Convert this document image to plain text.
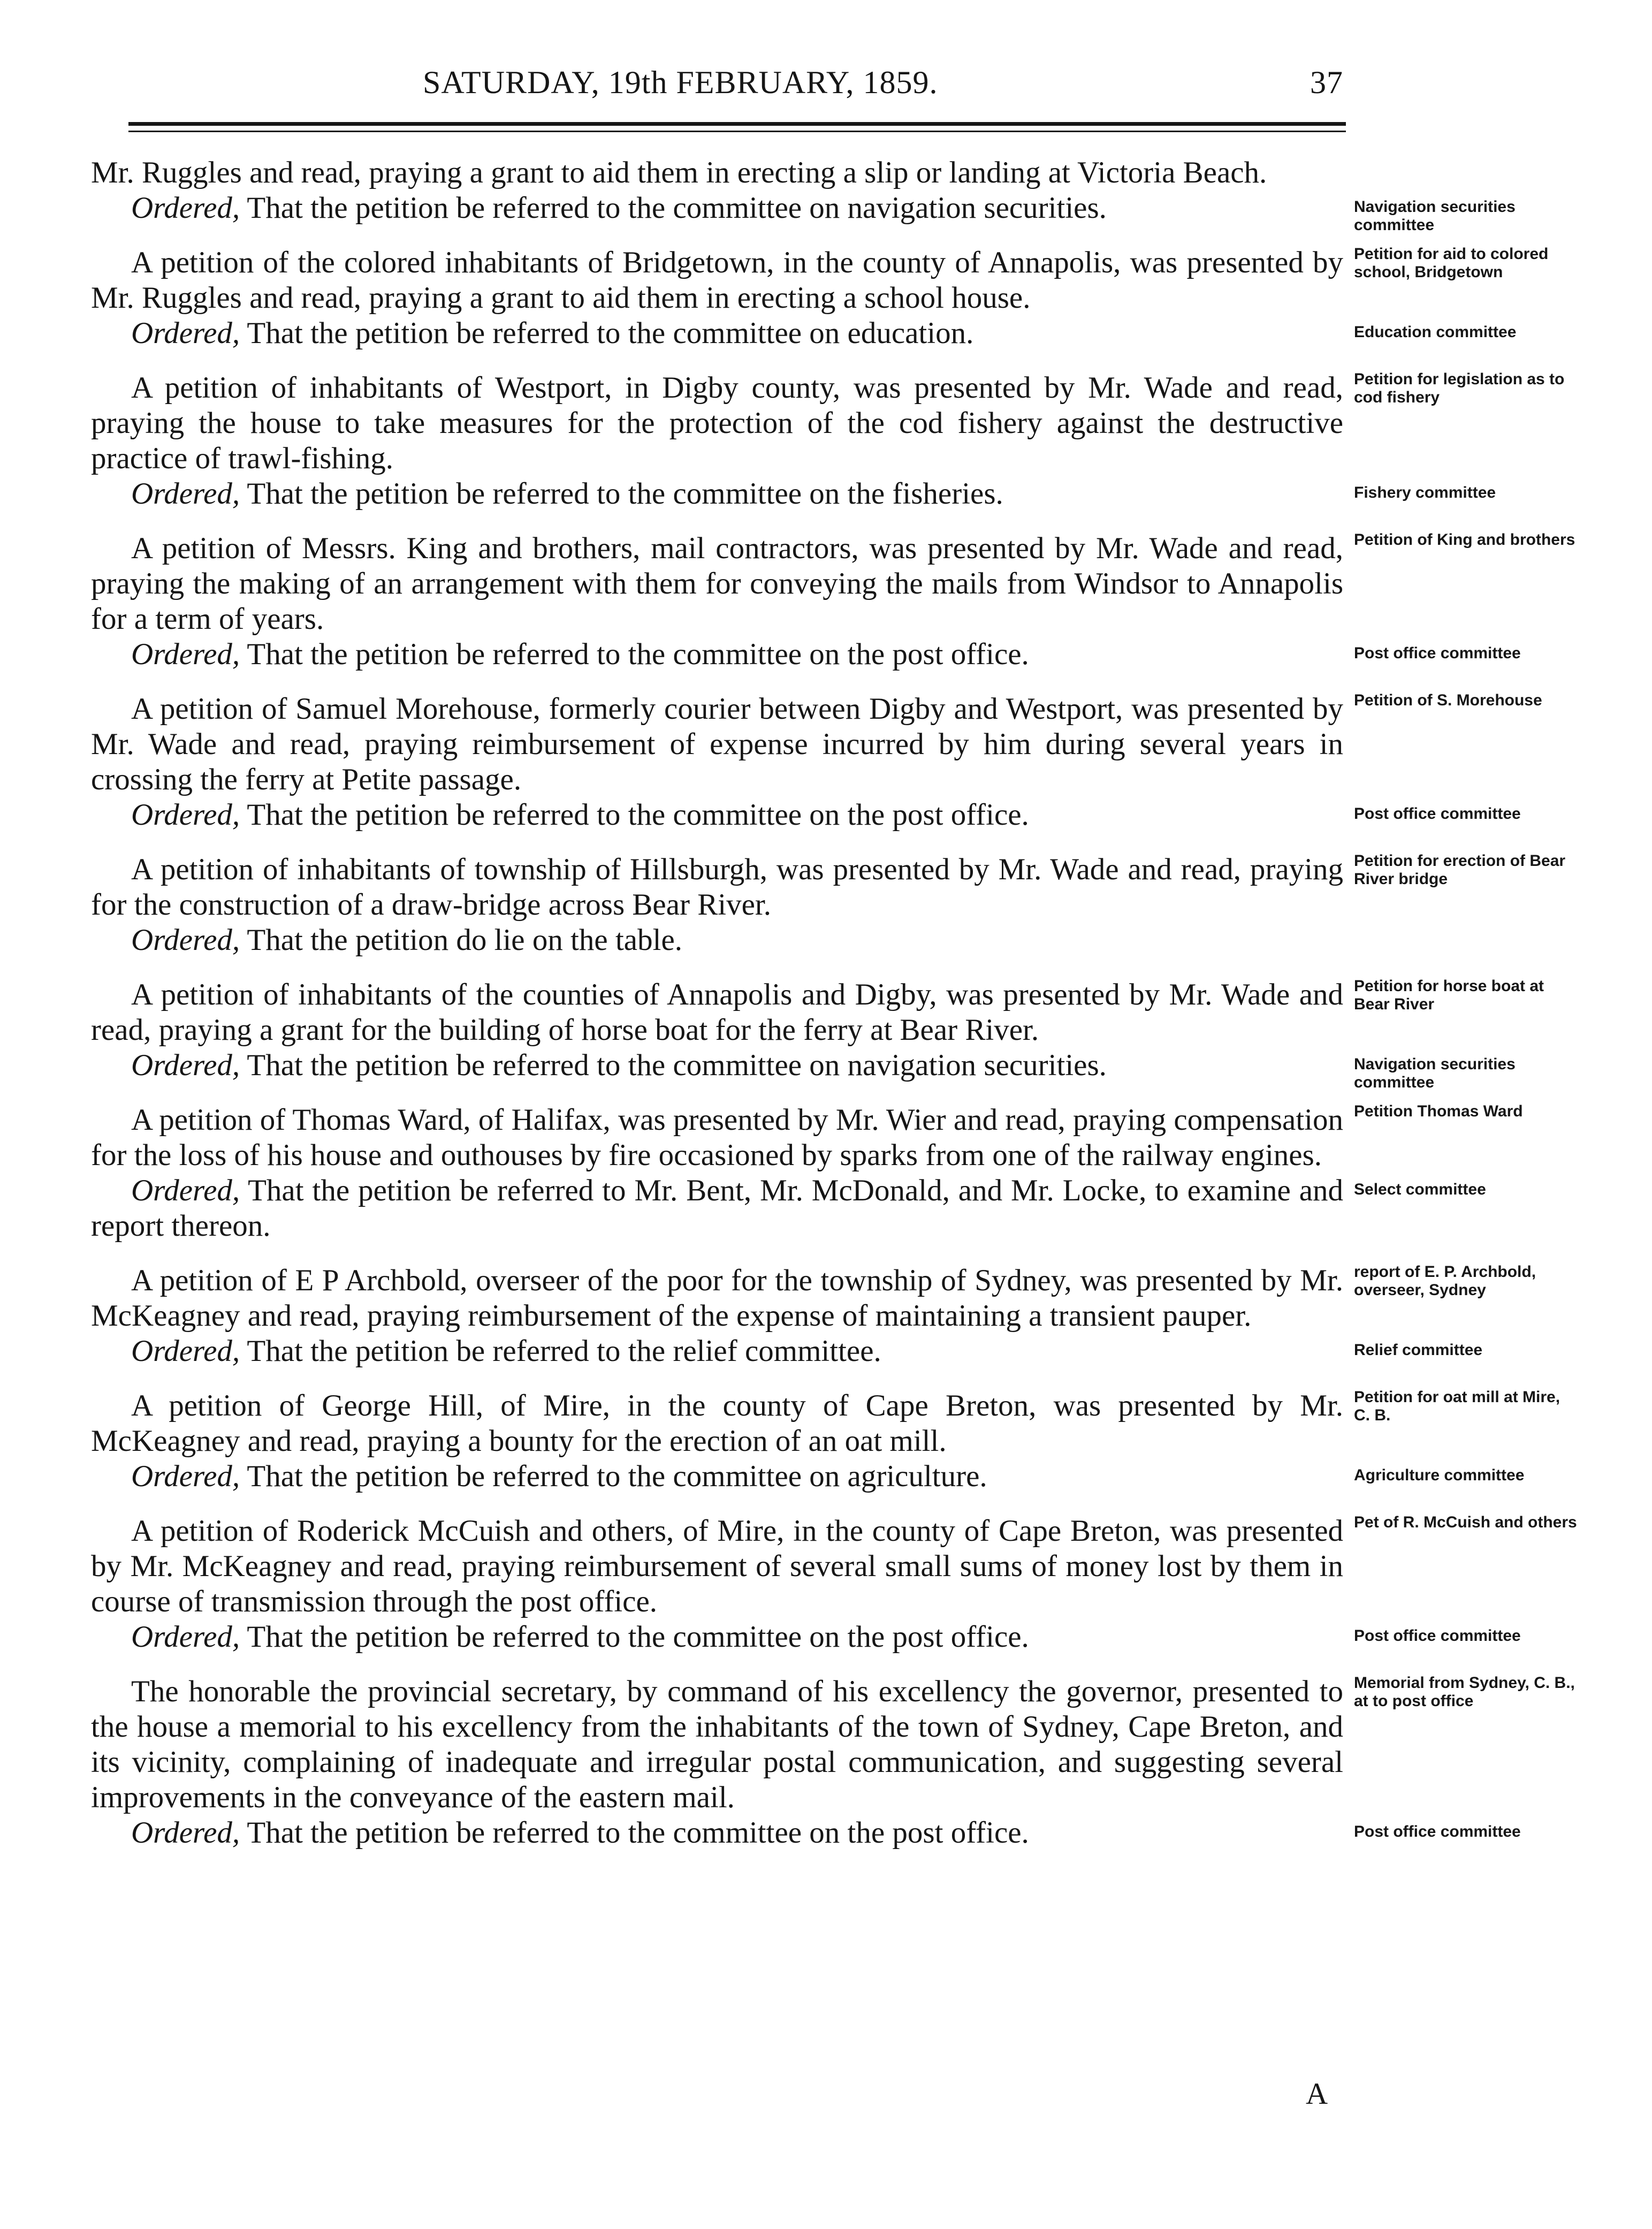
SATURDAY, 19th FEBRUARY, 1859.	37

Mr. Ruggles and read, praying a grant to aid them in erecting a slip or landing at Victoria Beach.

Ordered, That the petition be referred to the committee on navigation securities.	Navigation securities committee

A petition of the colored inhabitants of Bridgetown, in the county of Annapolis, was presented by Mr. Ruggles and read, praying a grant to aid them in erecting a school house.
Petition for aid to colored school, Bridgetown

Ordered, That the petition be referred to the committee on education.	Education committee

A petition of inhabitants of Westport, in Digby county, was presented by Mr. Wade and read, praying the house to take measures for the protection of the cod fishery against the destructive practice of trawl-fishing.
Petition for legislation as to cod fishery

Ordered, That the petition be referred to the committee on the fisheries.	Fishery committee

A petition of Messrs. King and brothers, mail contractors, was presented by Mr. Wade and read, praying the making of an arrangement with them for conveying the mails from Windsor to Annapolis for a term of years.
Petition of King and brothers

Ordered, That the petition be referred to the committee on the post office.	Post office committee

A petition of Samuel Morehouse, formerly courier between Digby and Westport, was presented by Mr. Wade and read, praying reimbursement of expense incurred by him during several years in crossing the ferry at Petite passage.
Petition of S. Morehouse

Ordered, That the petition be referred to the committee on the post office.	Post office committee

A petition of inhabitants of township of Hillsburgh, was presented by Mr. Wade and read, praying for the construction of a draw-bridge across Bear River.
Petition for erection of Bear River bridge

Ordered, That the petition do lie on the table.

A petition of inhabitants of the counties of Annapolis and Digby, was presented by Mr. Wade and read, praying a grant for the building of horse boat for the ferry at Bear River.
Petition for horse boat at Bear River

Ordered, That the petition be referred to the committee on navigation securities.	Navigation securities committee

A petition of Thomas Ward, of Halifax, was presented by Mr. Wier and read, praying compensation for the loss of his house and outhouses by fire occasioned by sparks from one of the railway engines.
Petition Thomas Ward

Ordered, That the petition be referred to Mr. Bent, Mr. McDonald, and Mr. Locke, to examine and report thereon.
Select committee

A petition of E P Archbold, overseer of the poor for the township of Sydney, was presented by Mr. McKeagney and read, praying reimbursement of the expense of maintaining a transient pauper.
report of E. P. Archbold, overseer, Sydney

Ordered, That the petition be referred to the relief committee.	Relief committee

A petition of George Hill, of Mire, in the county of Cape Breton, was presented by Mr. McKeagney and read, praying a bounty for the erection of an oat mill.
Petition for oat mill at Mire, C. B.

Ordered, That the petition be referred to the committee on agriculture.	Agriculture committee

A petition of Roderick McCuish and others, of Mire, in the county of Cape Breton, was presented by Mr. McKeagney and read, praying reimbursement of several small sums of money lost by them in course of transmission through the post office.
Pet of R. McCuish and others

Ordered, That the petition be referred to the committee on the post office.	Post office committee

The honorable the provincial secretary, by command of his excellency the governor, presented to the house a memorial to his excellency from the inhabitants of the town of Sydney, Cape Breton, and its vicinity, complaining of inadequate and irregular postal communication, and suggesting several improvements in the conveyance of the eastern mail.
Memorial from Sydney, C. B., at to post office

Ordered, That the petition be referred to the committee on the post office.	Post office committee

A
